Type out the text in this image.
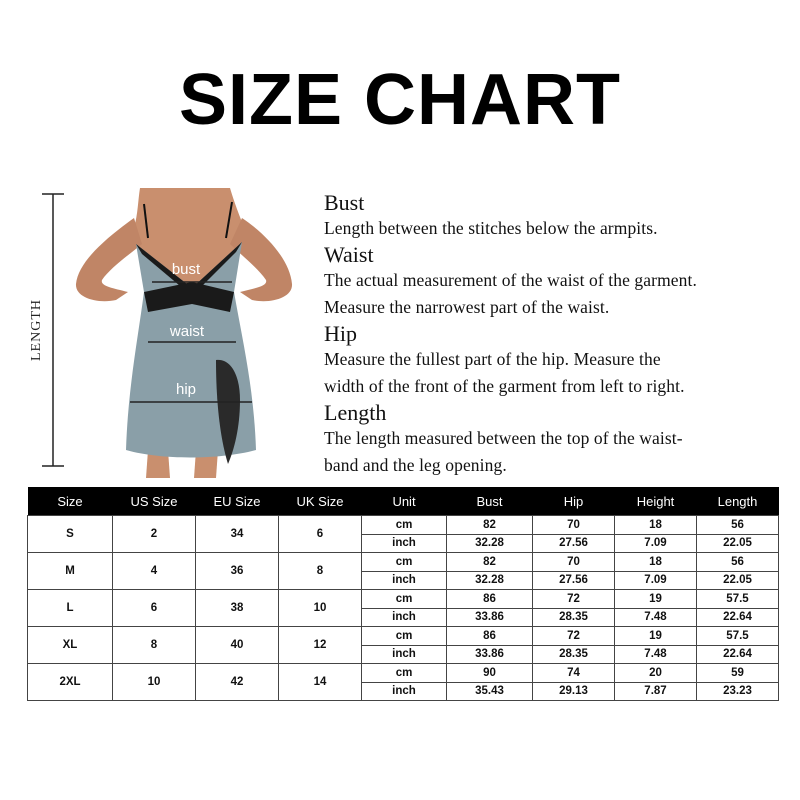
SIZE CHART
LENGTH
bust
waist
hip
Bust
Length between the stitches below the armpits.
Waist
The actual measurement of the waist of the garment.
Measure the narrowest part of the waist.
Hip
Measure the fullest part of the hip. Measure the
width of the front of the garment from left to right.
Length
The length measured between the top of the waist-
band and the leg opening.
Size	US Size	EU Size	UK Size	Unit	Bust	Hip	Height	Length
S	2	34	6	cm	82	70	18	56
				inch	32.28	27.56	7.09	22.05
M	4	36	8	cm	82	70	18	56
				inch	32.28	27.56	7.09	22.05
L	6	38	10	cm	86	72	19	57.5
				inch	33.86	28.35	7.48	22.64
XL	8	40	12	cm	86	72	19	57.5
				inch	33.86	28.35	7.48	22.64
2XL	10	42	14	cm	90	74	20	59
				inch	35.43	29.13	7.87	23.23
